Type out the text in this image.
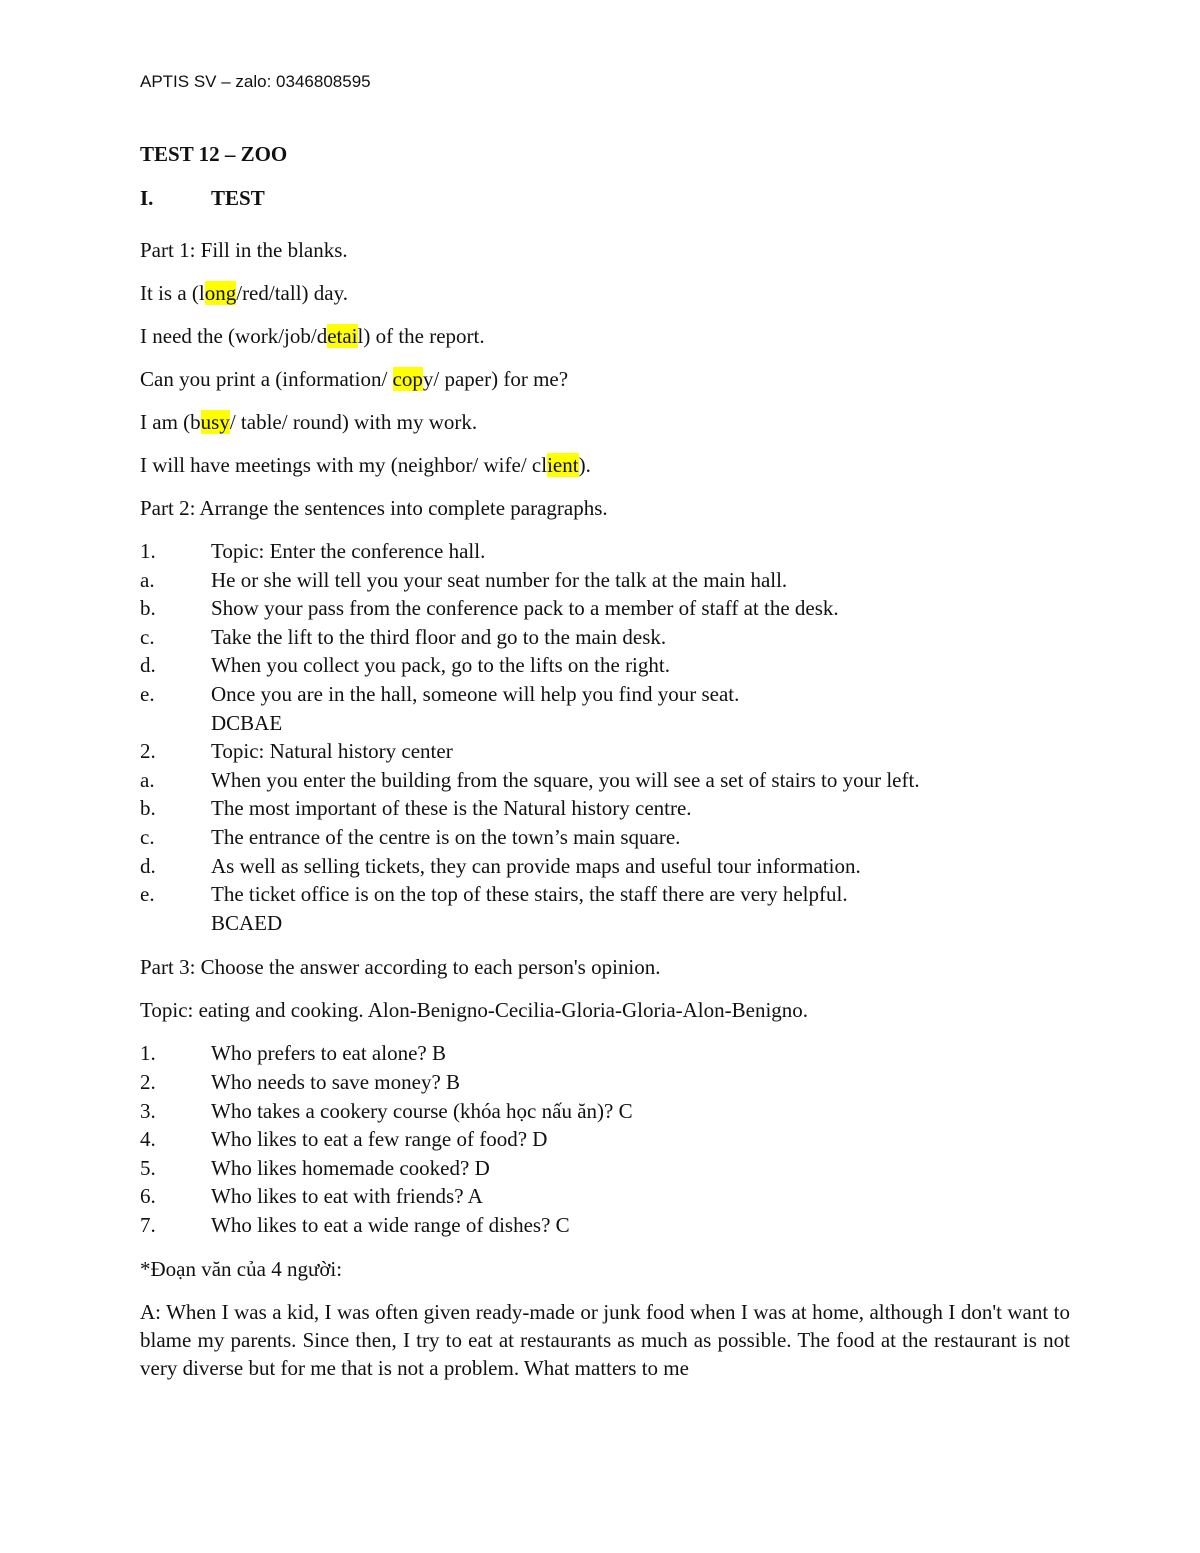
APTIS SV – zalo: 0346808595
TEST 12 – ZOO
I.	TEST
Part 1: Fill in the blanks.
It is a (long/red/tall) day.
I need the (work/job/detail) of the report.
Can you print a (information/ copy/ paper) for me?
I am (busy/ table/ round) with my work.
I will have meetings with my (neighbor/ wife/ client).
Part 2: Arrange the sentences into complete paragraphs.
1.	Topic: Enter the conference hall.
a.	He or she will tell you your seat number for the talk at the main hall.
b.	Show your pass from the conference pack to a member of staff at the desk.
c.	Take the lift to the third floor and go to the main desk.
d.	When you collect you pack, go to the lifts on the right.
e.	Once you are in the hall, someone will help you find your seat.
DCBAE
2.	Topic: Natural history center
a.	When you enter the building from the square, you will see a set of stairs to your left.
b.	The most important of these is the Natural history centre.
c.	The entrance of the centre is on the town’s main square.
d.	As well as selling tickets, they can provide maps and useful tour information.
e.	The ticket office is on the top of these stairs, the staff there are very helpful.
BCAED
Part 3: Choose the answer according to each person's opinion.
Topic: eating and cooking. Alon-Benigno-Cecilia-Gloria-Gloria-Alon-Benigno.
1.	Who prefers to eat alone? B
2.	Who needs to save money? B
3.	Who takes a cookery course (khóa học nấu ăn)? C
4.	Who likes to eat a few range of food? D
5.	Who likes homemade cooked? D
6.	Who likes to eat with friends? A
7.	Who likes to eat a wide range of dishes? C
*Đoạn văn của 4 người:
A: When I was a kid, I was often given ready-made or junk food when I was at home, although I don't want to blame my parents. Since then, I try to eat at restaurants as much as possible. The food at the restaurant is not very diverse but for me that is not a problem. What matters to me
